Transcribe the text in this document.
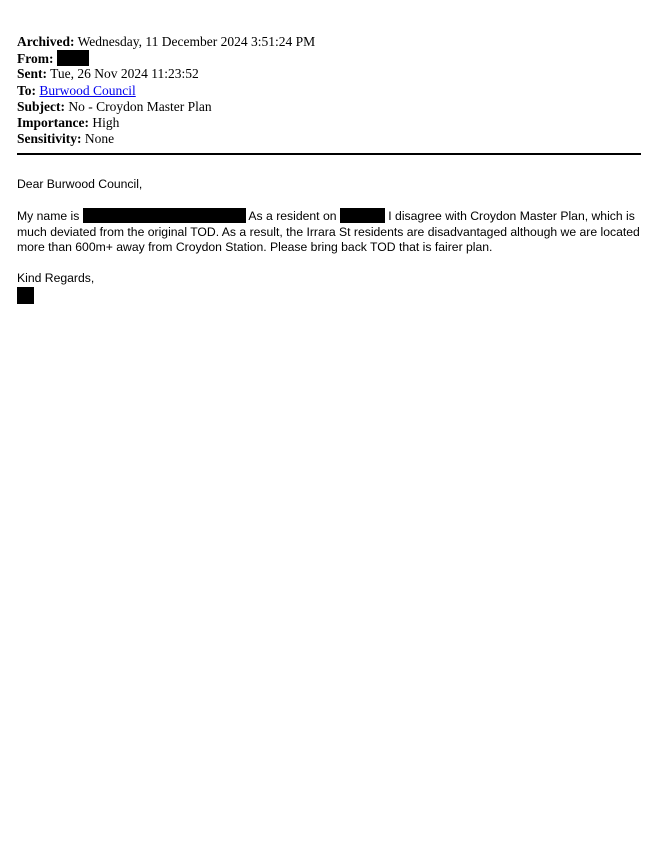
Archived: Wednesday, 11 December 2024 3:51:24 PM
From:
Sent: Tue, 26 Nov 2024 11:23:52
To: Burwood Council
Subject: No - Croydon Master Plan
Importance: High
Sensitivity: None

Dear Burwood Council,

My name is	As a resident on	I disagree with Croydon Master Plan, which is

much deviated from the original TOD. As a result, the Irrara St residents are disadvantaged although we are located

more than 600m+ away from Croydon Station. Please bring back TOD that is fairer plan.

Kind Regards,
